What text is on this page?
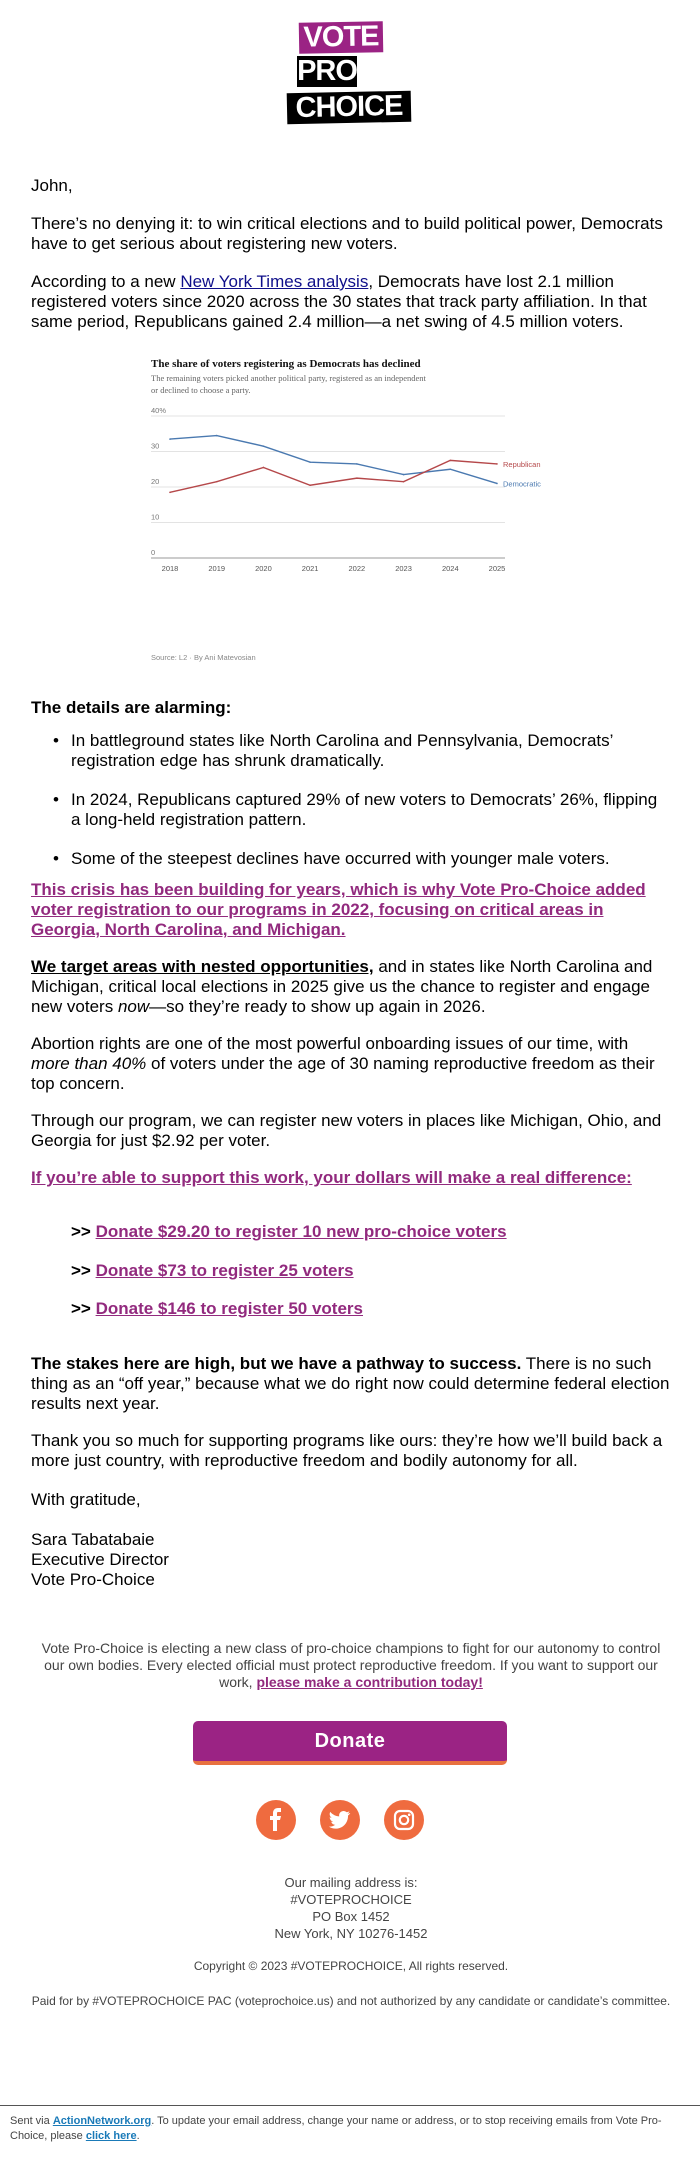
VOTE
PRO
CHOICE

John,

There’s no denying it: to win critical elections and to build political power, Democrats have to get serious about registering new voters.

According to a new New York Times analysis, Democrats have lost 2.1 million registered voters since 2020 across the 30 states that track party affiliation. In that same period, Republicans gained 2.4 million—a net swing of 4.5 million voters.

The share of voters registering as Democrats has declined
The remaining voters picked another political party, registered as an independent or declined to choose a party.
40%
30
20
10
0
2018	2019	2020	2021	2022	2023	2024	2025
Democratic
Republican
Source: L2 · By Ani Matevosian

The details are alarming:

• In battleground states like North Carolina and Pennsylvania, Democrats’ registration edge has shrunk dramatically.
• In 2024, Republicans captured 29% of new voters to Democrats’ 26%, flipping a long-held registration pattern.
• Some of the steepest declines have occurred with younger male voters.

This crisis has been building for years, which is why Vote Pro-Choice added voter registration to our programs in 2022, focusing on critical areas in Georgia, North Carolina, and Michigan.

We target areas with nested opportunities, and in states like North Carolina and Michigan, critical local elections in 2025 give us the chance to register and engage new voters now—so they’re ready to show up again in 2026.

Abortion rights are one of the most powerful onboarding issues of our time, with more than 40% of voters under the age of 30 naming reproductive freedom as their top concern.

Through our program, we can register new voters in places like Michigan, Ohio, and Georgia for just $2.92 per voter.

If you’re able to support this work, your dollars will make a real difference:

>> Donate $29.20 to register 10 new pro-choice voters
>> Donate $73 to register 25 voters
>> Donate $146 to register 50 voters

The stakes here are high, but we have a pathway to success. There is no such thing as an “off year,” because what we do right now could determine federal election results next year.

Thank you so much for supporting programs like ours: they’re how we’ll build back a more just country, with reproductive freedom and bodily autonomy for all.

With gratitude,
Sara Tabatabaie
Executive Director
Vote Pro-Choice
Vote Pro-Choice is electing a new class of pro-choice champions to fight for our autonomy to control our own bodies. Every elected official must protect reproductive freedom. If you want to support our work, please make a contribution today!
Donate
Our mailing address is:
#VOTEPROCHOICE
PO Box 1452
New York, NY 10276-1452
Copyright © 2023 #VOTEPROCHOICE, All rights reserved.
Paid for by #VOTEPROCHOICE PAC (voteprochoice.us) and not authorized by any candidate or candidate’s committee.
Sent via ActionNetwork.org. To update your email address, change your name or address, or to stop receiving emails from Vote Pro-Choice, please click here.
